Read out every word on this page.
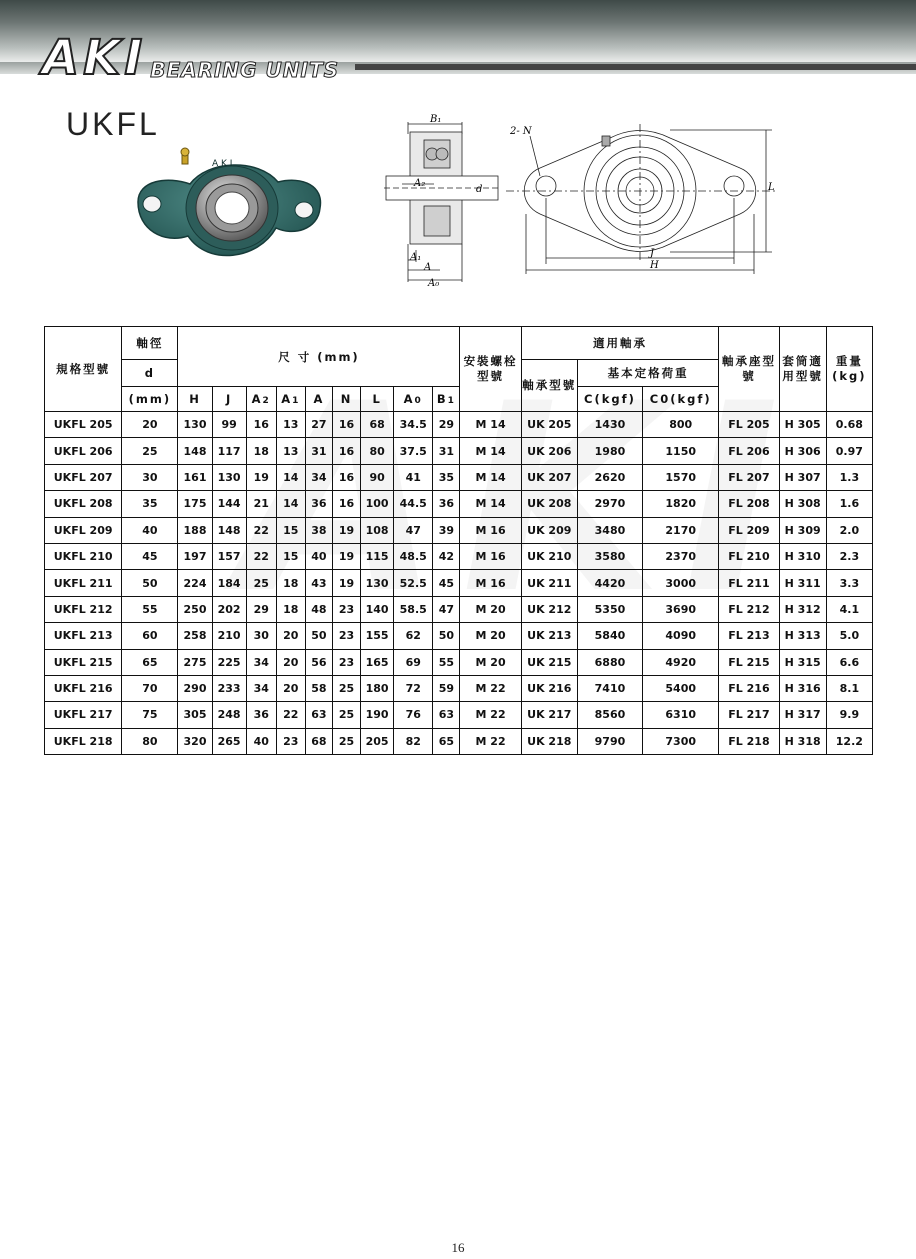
AKI BEARING UNITS
UKFL
A K I
B₁
A₂
d
A₁
A
A₀
2- N
L
J
H
規格型號	軸徑	尺 寸 (mm)									安裝螺栓型號	適用軸承			軸承座型號	套筒適用型號	重量(kg)
	d											軸承型號	基本定格荷重				
	(mm)	H	J	A2	A1	A	N	L	A0	B1			C(kgf)	C0(kgf)			
UKFL 205	20	130	99	16	13	27	16	68	34.5	29	M 14	UK 205	1430	800	FL 205	H 305	0.68
UKFL 206	25	148	117	18	13	31	16	80	37.5	31	M 14	UK 206	1980	1150	FL 206	H 306	0.97
UKFL 207	30	161	130	19	14	34	16	90	41	35	M 14	UK 207	2620	1570	FL 207	H 307	1.3
UKFL 208	35	175	144	21	14	36	16	100	44.5	36	M 14	UK 208	2970	1820	FL 208	H 308	1.6
UKFL 209	40	188	148	22	15	38	19	108	47	39	M 16	UK 209	3480	2170	FL 209	H 309	2.0
UKFL 210	45	197	157	22	15	40	19	115	48.5	42	M 16	UK 210	3580	2370	FL 210	H 310	2.3
UKFL 211	50	224	184	25	18	43	19	130	52.5	45	M 16	UK 211	4420	3000	FL 211	H 311	3.3
UKFL 212	55	250	202	29	18	48	23	140	58.5	47	M 20	UK 212	5350	3690	FL 212	H 312	4.1
UKFL 213	60	258	210	30	20	50	23	155	62	50	M 20	UK 213	5840	4090	FL 213	H 313	5.0
UKFL 215	65	275	225	34	20	56	23	165	69	55	M 20	UK 215	6880	4920	FL 215	H 315	6.6
UKFL 216	70	290	233	34	20	58	25	180	72	59	M 22	UK 216	7410	5400	FL 216	H 316	8.1
UKFL 217	75	305	248	36	22	63	25	190	76	63	M 22	UK 217	8560	6310	FL 217	H 317	9.9
UKFL 218	80	320	265	40	23	68	25	205	82	65	M 22	UK 218	9790	7300	FL 218	H 318	12.2
16
